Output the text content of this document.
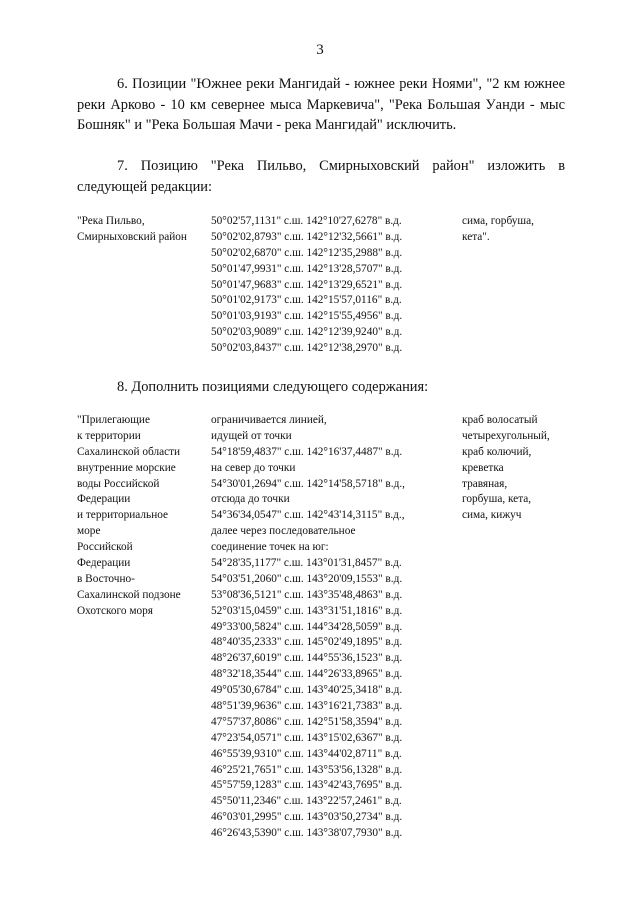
3

6. Позиции "Южнее реки Мангидай - южнее реки Ноями", "2 км южнее реки Арково - 10 км севернее мыса Маркевича", "Река Большая Уанди - мыс Бошняк" и "Река Большая Мачи - река Мангидай" исключить.

7. Позицию "Река Пильво, Смирныховский район" изложить в следующей редакции:

"Река Пильво,
Смирныховский район
50°02'57,1131" с.ш. 142°10'27,6278" в.д.
50°02'02,8793" с.ш. 142°12'32,5661" в.д.
50°02'02,6870" с.ш. 142°12'35,2988" в.д.
50°01'47,9931" с.ш. 142°13'28,5707" в.д.
50°01'47,9683" с.ш. 142°13'29,6521" в.д.
50°01'02,9173" с.ш. 142°15'57,0116" в.д.
50°01'03,9193" с.ш. 142°15'55,4956" в.д.
50°02'03,9089" с.ш. 142°12'39,9240" в.д.
50°02'03,8437" с.ш. 142°12'38,2970" в.д.
сима, горбуша,
кета".

8. Дополнить позициями следующего содержания:

"Прилегающие
к территории
Сахалинской области
внутренние морские
воды Российской
Федерации
и территориальное
море
Российской
Федерации
в Восточно-
Сахалинской подзоне
Охотского моря
ограничивается линией,
идущей от точки
54°18'59,4837" с.ш. 142°16'37,4487" в.д.
на север до точки
54°30'01,2694" с.ш. 142°14'58,5718" в.д.,
отсюда до точки
54°36'34,0547" с.ш. 142°43'14,3115" в.д.,
далее через последовательное
соединение точек на юг:
54°28'35,1177" с.ш. 143°01'31,8457" в.д.
54°03'51,2060" с.ш. 143°20'09,1553" в.д.
53°08'36,5121" с.ш. 143°35'48,4863" в.д.
52°03'15,0459" с.ш. 143°31'51,1816" в.д.
49°33'00,5824" с.ш. 144°34'28,5059" в.д.
48°40'35,2333" с.ш. 145°02'49,1895" в.д.
48°26'37,6019" с.ш. 144°55'36,1523" в.д.
48°32'18,3544" с.ш. 144°26'33,8965" в.д.
49°05'30,6784" с.ш. 143°40'25,3418" в.д.
48°51'39,9636" с.ш. 143°16'21,7383" в.д.
47°57'37,8086" с.ш. 142°51'58,3594" в.д.
47°23'54,0571" с.ш. 143°15'02,6367" в.д.
46°55'39,9310" с.ш. 143°44'02,8711" в.д.
46°25'21,7651" с.ш. 143°53'56,1328" в.д.
45°57'59,1283" с.ш. 143°42'43,7695" в.д.
45°50'11,2346" с.ш. 143°22'57,2461" в.д.
46°03'01,2995" с.ш. 143°03'50,2734" в.д.
46°26'43,5390" с.ш. 143°38'07,7930" в.д.
краб волосатый
четырехугольный,
краб колючий,
креветка
травяная,
горбуша, кета,
сима, кижуч
